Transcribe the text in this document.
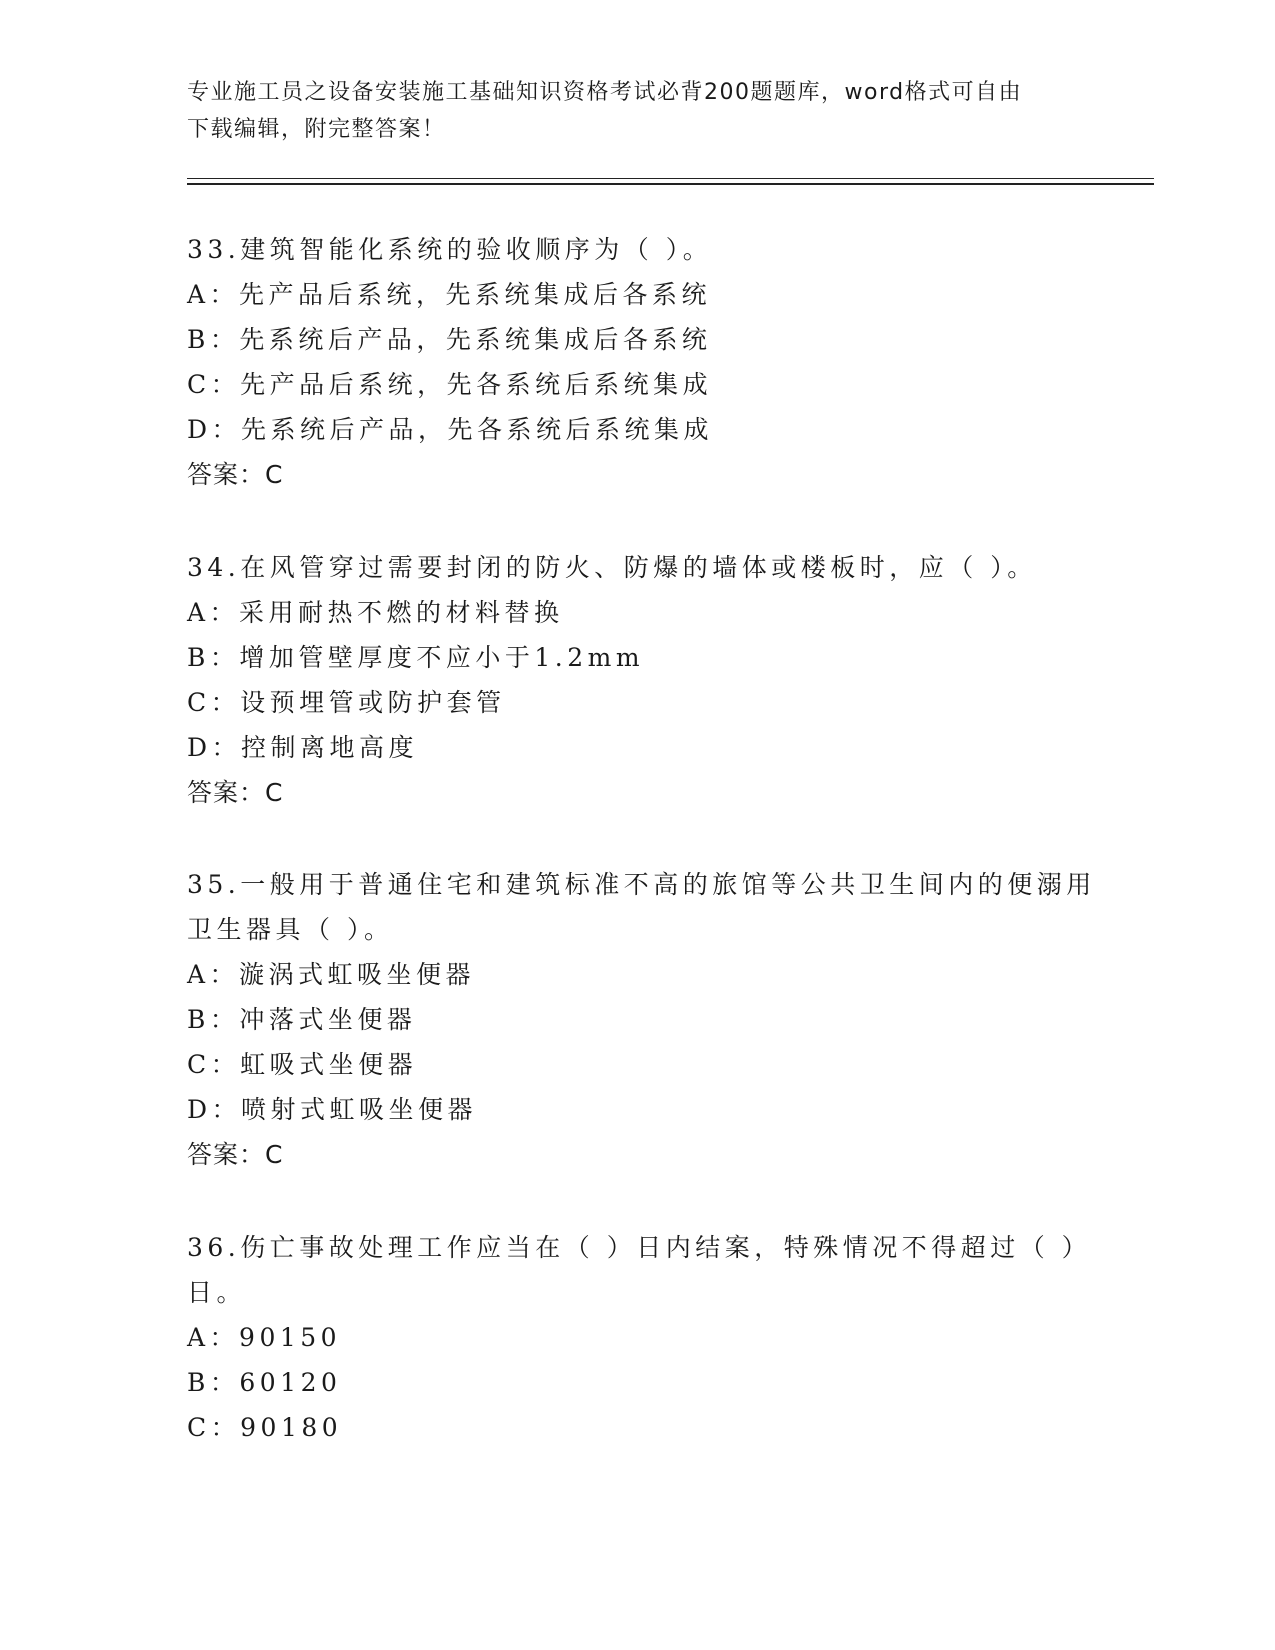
专业施工员之设备安装施工基础知识资格考试必背200题题库，word格式可自由
下载编辑，附完整答案！
33.建筑智能化系统的验收顺序为（ ）。
A：先产品后系统，先系统集成后各系统
B：先系统后产品，先系统集成后各系统
C：先产品后系统，先各系统后系统集成
D：先系统后产品，先各系统后系统集成
答案：C
34.在风管穿过需要封闭的防火、防爆的墙体或楼板时，应（ ）。
A：采用耐热不燃的材料替换
B：增加管壁厚度不应小于1.2mm
C：设预埋管或防护套管
D：控制离地高度
答案：C
35.一般用于普通住宅和建筑标准不高的旅馆等公共卫生间内的便溺用
卫生器具（ ）。
A：漩涡式虹吸坐便器
B：冲落式坐便器
C：虹吸式坐便器
D：喷射式虹吸坐便器
答案：C
36.伤亡事故处理工作应当在（ ）日内结案，特殊情况不得超过（ ）
日。
A：90150
B：60120
C：90180
